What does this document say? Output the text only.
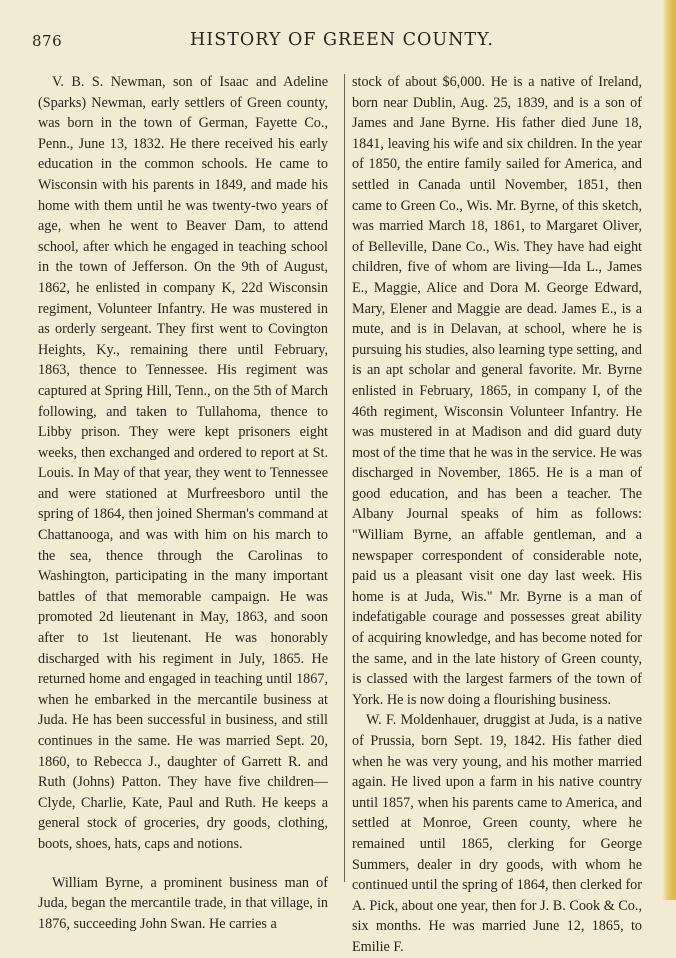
876	HISTORY OF GREEN COUNTY.

V. B. S. Newman, son of Isaac and Adeline (Sparks) Newman, early settlers of Green county, was born in the town of German, Fayette Co., Penn., June 13, 1832. He there received his early education in the common schools. He came to Wisconsin with his parents in 1849, and made his home with them until he was twenty-two years of age, when he went to Beaver Dam, to attend school, after which he engaged in teaching school in the town of Jefferson. On the 9th of August, 1862, he enlisted in company K, 22d Wisconsin regiment, Volunteer Infantry. He was mustered in as orderly sergeant. They first went to Covington Heights, Ky., remaining there until February, 1863, thence to Tennessee. His regiment was captured at Spring Hill, Tenn., on the 5th of March following, and taken to Tullahoma, thence to Libby prison. They were kept prisoners eight weeks, then exchanged and ordered to report at St. Louis. In May of that year, they went to Tennessee and were stationed at Murfreesboro until the spring of 1864, then joined Sherman's command at Chattanooga, and was with him on his march to the sea, thence through the Carolinas to Washington, participating in the many important battles of that memorable campaign. He was promoted 2d lieutenant in May, 1863, and soon after to 1st lieutenant. He was honorably discharged with his regiment in July, 1865. He returned home and engaged in teaching until 1867, when he embarked in the mercantile business at Juda. He has been successful in business, and still continues in the same. He was married Sept. 20, 1860, to Rebecca J., daughter of Garrett R. and Ruth (Johns) Patton. They have five children—Clyde, Charlie, Kate, Paul and Ruth. He keeps a general stock of groceries, dry goods, clothing, boots, shoes, hats, caps and notions.

William Byrne, a prominent business man of Juda, began the mercantile trade, in that village, in 1876, succeeding John Swan. He carries a

stock of about $6,000. He is a native of Ireland, born near Dublin, Aug. 25, 1839, and is a son of James and Jane Byrne. His father died June 18, 1841, leaving his wife and six children. In the year of 1850, the entire family sailed for America, and settled in Canada until November, 1851, then came to Green Co., Wis. Mr. Byrne, of this sketch, was married March 18, 1861, to Margaret Oliver, of Belleville, Dane Co., Wis. They have had eight children, five of whom are living—Ida L., James E., Maggie, Alice and Dora M. George Edward, Mary, Elener and Maggie are dead. James E., is a mute, and is in Delavan, at school, where he is pursuing his studies, also learning type setting, and is an apt scholar and general favorite. Mr. Byrne enlisted in February, 1865, in company I, of the 46th regiment, Wisconsin Volunteer Infantry. He was mustered in at Madison and did guard duty most of the time that he was in the service. He was discharged in November, 1865. He is a man of good education, and has been a teacher. The Albany Journal speaks of him as follows: "William Byrne, an affable gentleman, and a newspaper correspondent of considerable note, paid us a pleasant visit one day last week. His home is at Juda, Wis." Mr. Byrne is a man of indefatigable courage and possesses great ability of acquiring knowledge, and has become noted for the same, and in the late history of Green county, is classed with the largest farmers of the town of York. He is now doing a flourishing business.

W. F. Moldenhauer, druggist at Juda, is a native of Prussia, born Sept. 19, 1842. His father died when he was very young, and his mother married again. He lived upon a farm in his native country until 1857, when his parents came to America, and settled at Monroe, Green county, where he remained until 1865, clerking for George Summers, dealer in dry goods, with whom he continued until the spring of 1864, then clerked for A. Pick, about one year, then for J. B. Cook & Co., six months. He was married June 12, 1865, to Emilie F.
